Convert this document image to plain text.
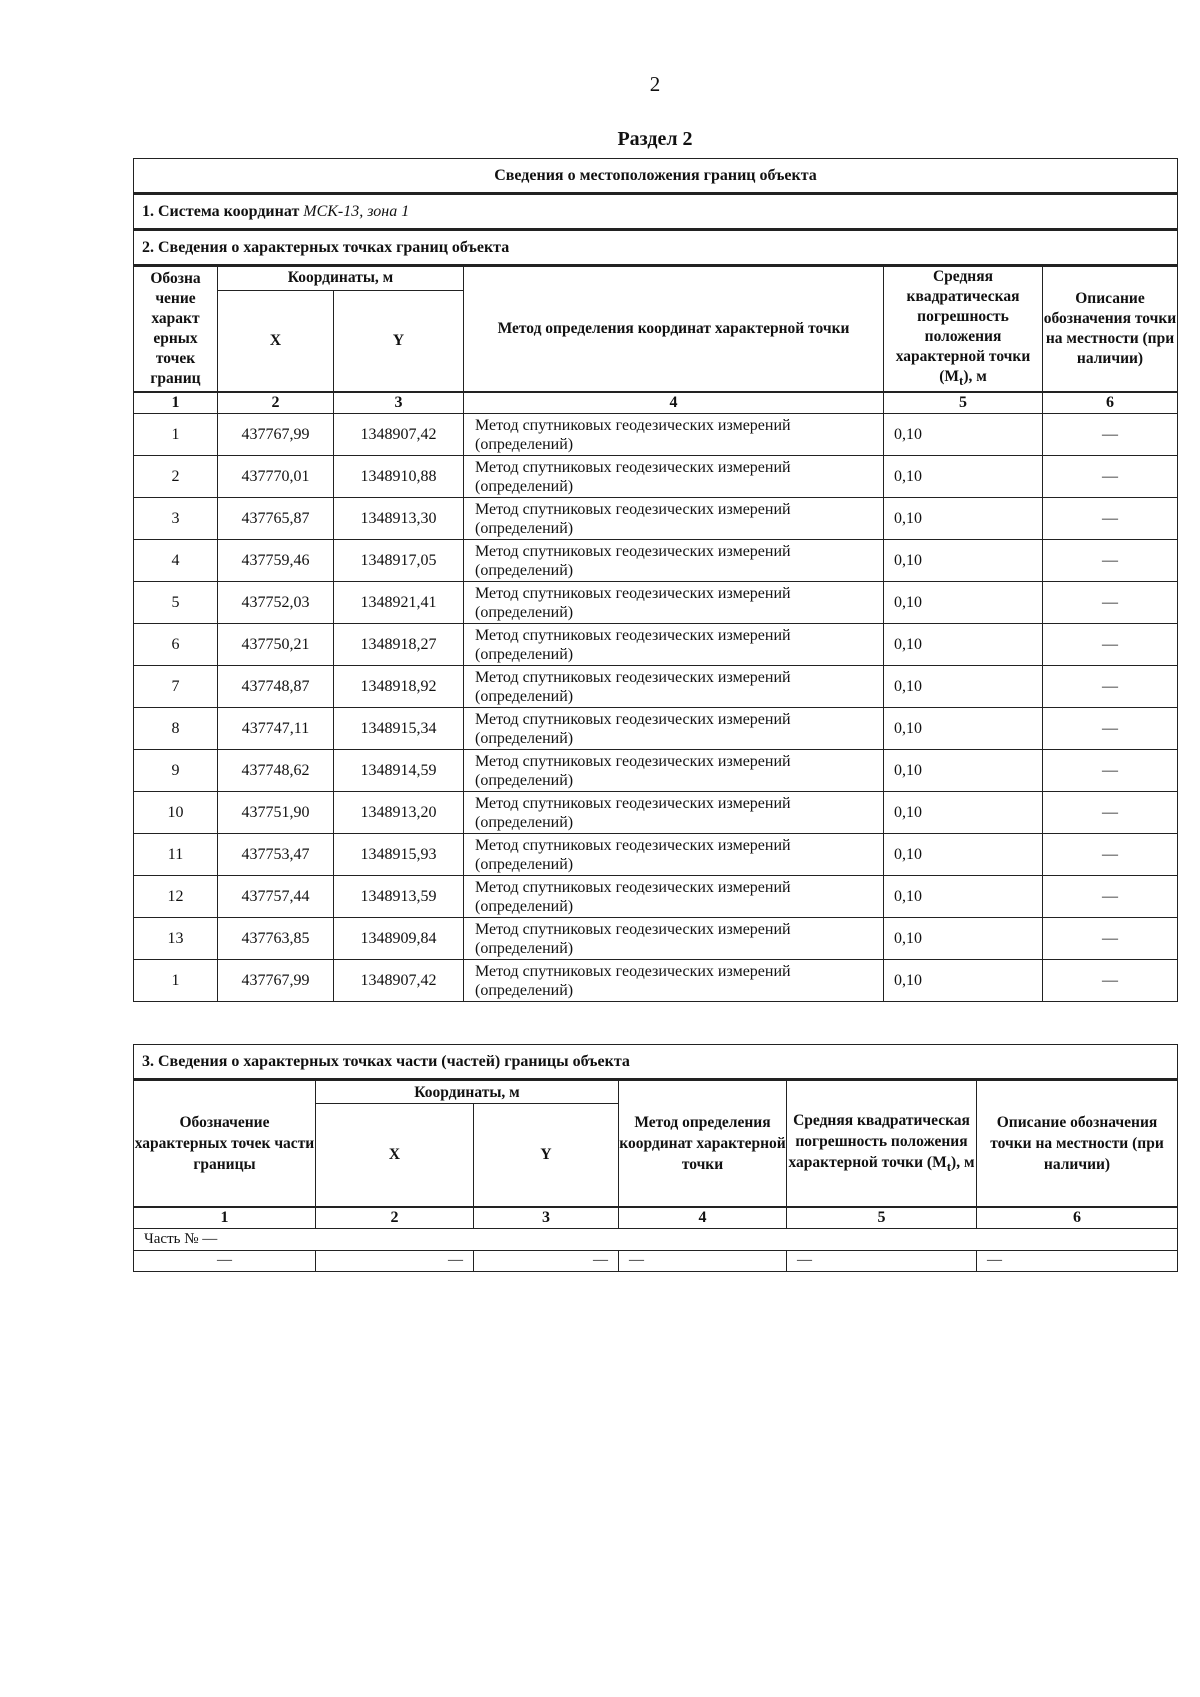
2
Раздел 2
Сведения о местоположения границ объекта					
1. Система координат МСК-13, зона 1					
2. Сведения о характерных точках границ объекта					
Обозна чение характ ерных точек границ	Координаты, м		Метод определения координат характерной точки	Средняя квадратическая погрешность положения характерной точки $(M_t)$, м	Описание обозначения точки на местности (при наличии)
	X	Y			
1	2	3	4	5	6
1	437767,99	1348907,42	Метод спутниковых геодезических измерений (определений)	0,10	—
2	437770,01	1348910,88	Метод спутниковых геодезических измерений (определений)	0,10	—
3	437765,87	1348913,30	Метод спутниковых геодезических измерений (определений)	0,10	—
4	437759,46	1348917,05	Метод спутниковых геодезических измерений (определений)	0,10	—
5	437752,03	1348921,41	Метод спутниковых геодезических измерений (определений)	0,10	—
6	437750,21	1348918,27	Метод спутниковых геодезических измерений (определений)	0,10	—
7	437748,87	1348918,92	Метод спутниковых геодезических измерений (определений)	0,10	—
8	437747,11	1348915,34	Метод спутниковых геодезических измерений (определений)	0,10	—
9	437748,62	1348914,59	Метод спутниковых геодезических измерений (определений)	0,10	—
10	437751,90	1348913,20	Метод спутниковых геодезических измерений (определений)	0,10	—
11	437753,47	1348915,93	Метод спутниковых геодезических измерений (определений)	0,10	—
12	437757,44	1348913,59	Метод спутниковых геодезических измерений (определений)	0,10	—
13	437763,85	1348909,84	Метод спутниковых геодезических измерений (определений)	0,10	—
1	437767,99	1348907,42	Метод спутниковых геодезических измерений (определений)	0,10	—
3. Сведения о характерных точках части (частей) границы объекта					
Обозначение характерных точек части границы	Координаты, м		Метод определения координат характерной точки	Средняя квадратическая погрешность положения характерной точки $(M_t)$, м	Описание обозначения точки на местности (при наличии)
	X	Y			
1	2	3	4	5	6
Часть № —					
—	—	—	—	—	—
